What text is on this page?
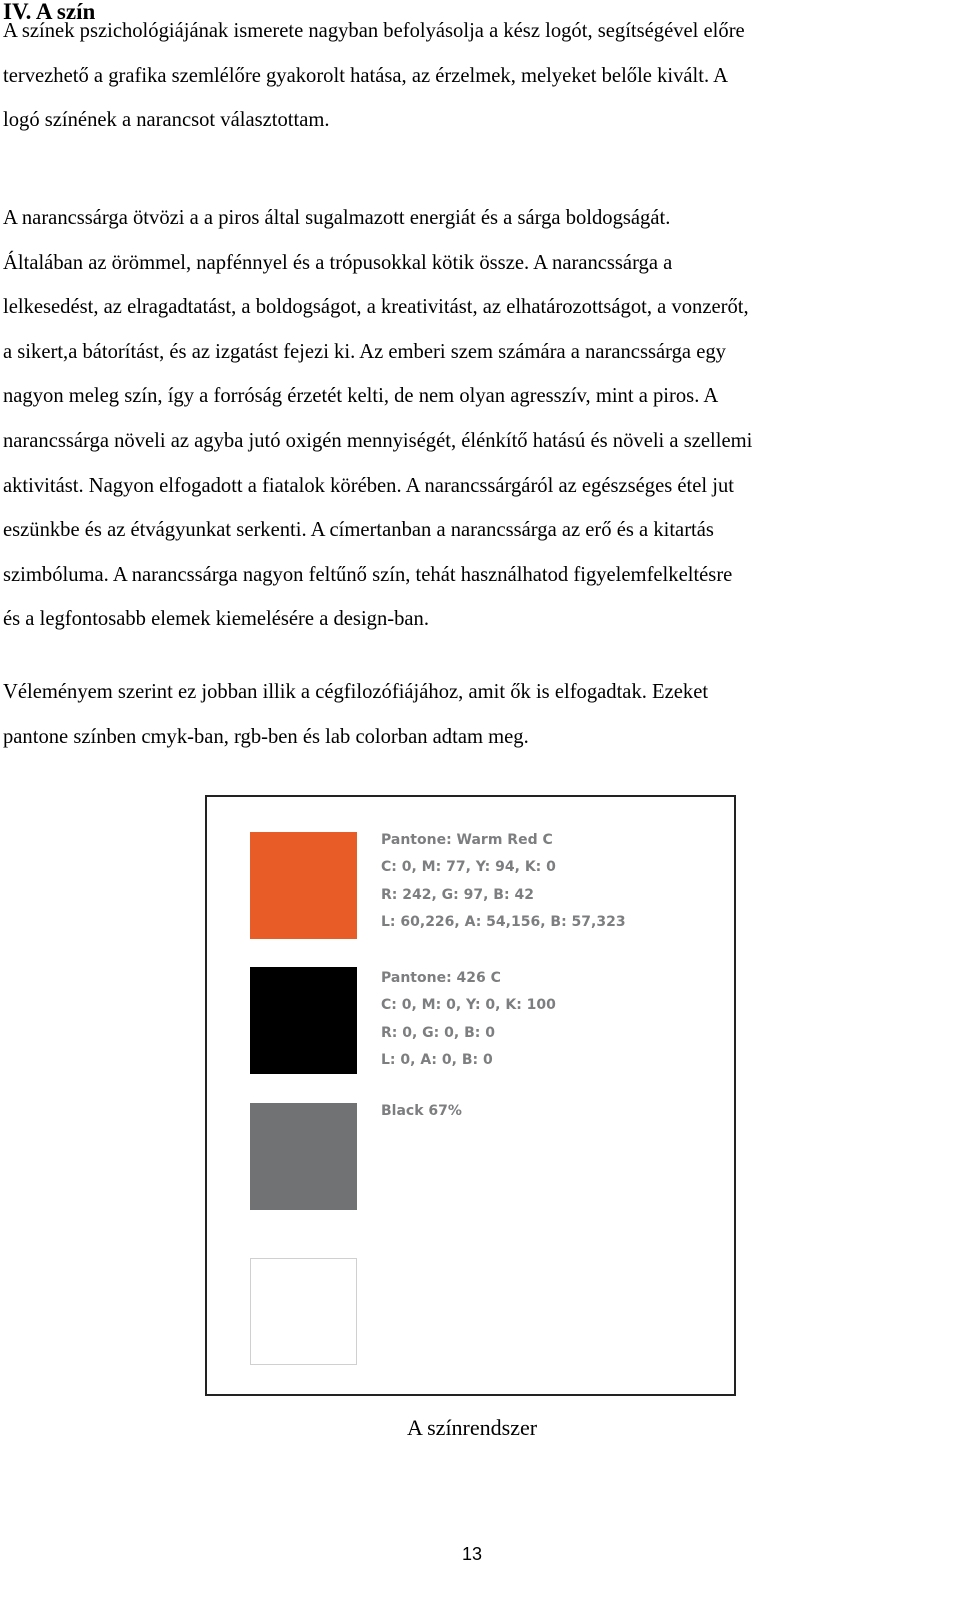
IV. A szín

A színek pszichológiájának ismerete nagyban befolyásolja a kész logót, segítségével előre
tervezhető a grafika szemlélőre gyakorolt hatása, az érzelmek, melyeket belőle kivált. A
logó színének a narancsot választottam.

A narancssárga ötvözi a a piros által sugalmazott energiát és a sárga boldogságát.
Általában az örömmel, napfénnyel és a trópusokkal kötik össze. A narancssárga a
lelkesedést, az elragadtatást, a boldogságot, a kreativitást, az elhatározottságot, a vonzerőt,
a sikert,a bátorítást, és az izgatást fejezi ki. Az emberi szem számára a narancssárga egy
nagyon meleg szín, így a forróság érzetét kelti, de nem olyan agresszív, mint a piros. A
narancssárga növeli az agyba jutó oxigén mennyiségét, élénkítő hatású és növeli a szellemi
aktivitást. Nagyon elfogadott a fiatalok körében. A narancssárgáról az egészséges étel jut
eszünkbe és az étvágyunkat serkenti. A címertanban a narancssárga az erő és a kitartás
szimbóluma. A narancssárga nagyon feltűnő szín, tehát használhatod figyelemfelkeltésre
és a legfontosabb elemek kiemelésére a design-ban.

Véleményem szerint ez jobban illik a cégfilozófiájához, amit ők is elfogadtak. Ezeket
pantone színben cmyk-ban, rgb-ben és lab colorban adtam meg.

Pantone: Warm Red C
C: 0, M: 77, Y: 94, K: 0
R: 242, G: 97, B: 42
L: 60,226, A: 54,156, B: 57,323

Pantone: 426 C
C: 0, M: 0, Y: 0, K: 100
R: 0, G: 0, B: 0
L: 0, A: 0, B: 0

Black 67%

A színrendszer

13
